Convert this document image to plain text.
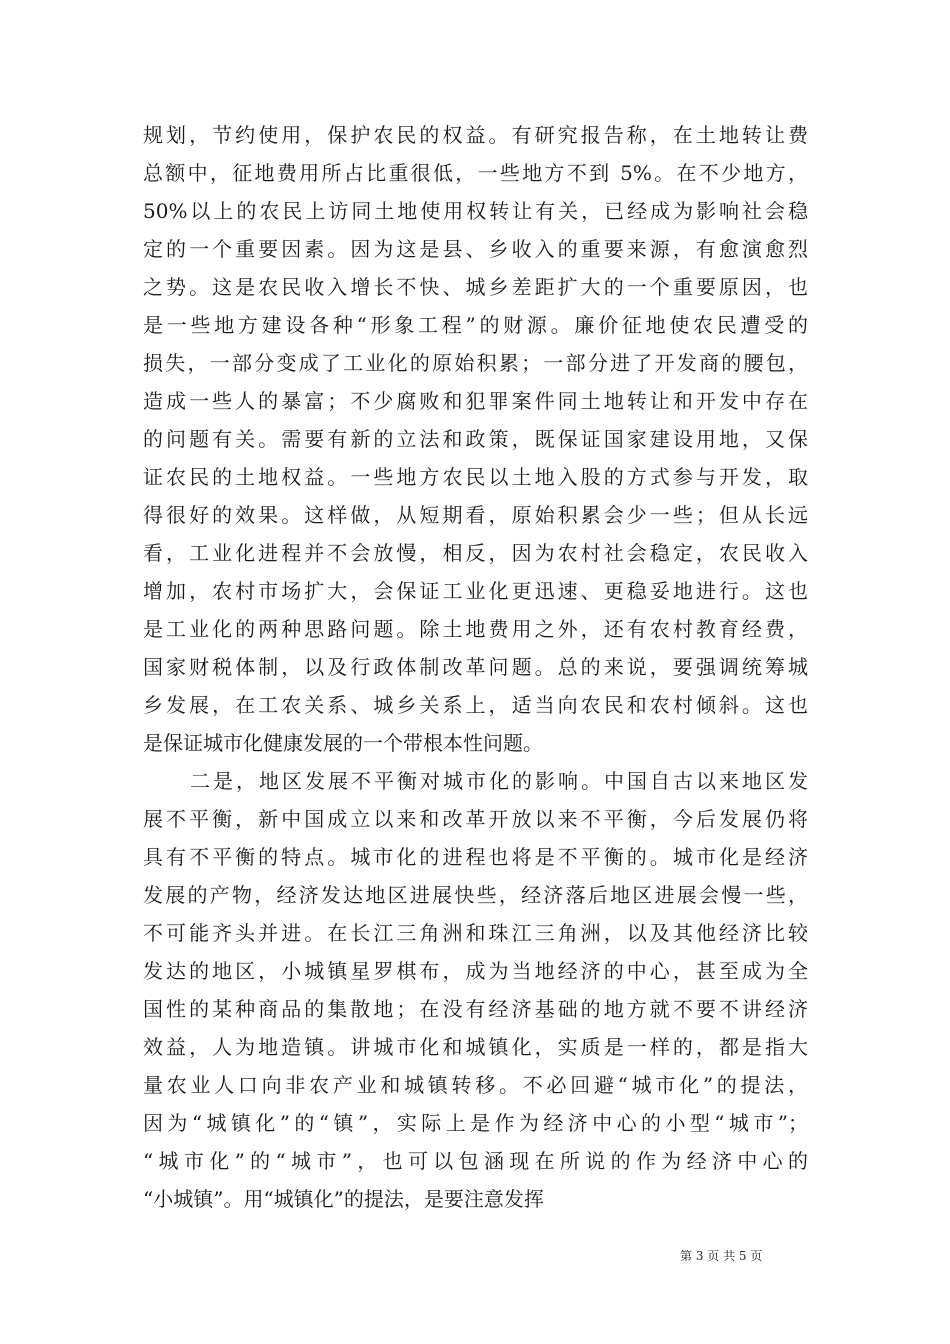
规划，节约使用，保护农民的权益。有研究报告称，在土地转让费
总额中，征地费用所占比重很低，一些地方不到 5%。在不少地方，
50%以上的农民上访同土地使用权转让有关，已经成为影响社会稳
定的一个重要因素。因为这是县、乡收入的重要来源，有愈演愈烈
之势。这是农民收入增长不快、城乡差距扩大的一个重要原因，也
是一些地方建设各种“形象工程”的财源。廉价征地使农民遭受的
损失，一部分变成了工业化的原始积累；一部分进了开发商的腰包，
造成一些人的暴富；不少腐败和犯罪案件同土地转让和开发中存在
的问题有关。需要有新的立法和政策，既保证国家建设用地，又保
证农民的土地权益。一些地方农民以土地入股的方式参与开发，取
得很好的效果。这样做，从短期看，原始积累会少一些；但从长远
看，工业化进程并不会放慢，相反，因为农村社会稳定，农民收入
增加，农村市场扩大，会保证工业化更迅速、更稳妥地进行。这也
是工业化的两种思路问题。除土地费用之外，还有农村教育经费，
国家财税体制，以及行政体制改革问题。总的来说，要强调统筹城
乡发展，在工农关系、城乡关系上，适当向农民和农村倾斜。这也
是保证城市化健康发展的一个带根本性问题。
二是，地区发展不平衡对城市化的影响。中国自古以来地区发
展不平衡，新中国成立以来和改革开放以来不平衡，今后发展仍将
具有不平衡的特点。城市化的进程也将是不平衡的。城市化是经济
发展的产物，经济发达地区进展快些，经济落后地区进展会慢一些，
不可能齐头并进。在长江三角洲和珠江三角洲，以及其他经济比较
发达的地区，小城镇星罗棋布，成为当地经济的中心，甚至成为全
国性的某种商品的集散地；在没有经济基础的地方就不要不讲经济
效益，人为地造镇。讲城市化和城镇化，实质是一样的，都是指大
量农业人口向非农产业和城镇转移。不必回避“城市化”的提法，
因为“城镇化”的“镇”，实际上是作为经济中心的小型“城市”；
“城市化”的“城市”，也可以包涵现在所说的作为经济中心的
“小城镇”。用“城镇化”的提法，是要注意发挥
第 3 页 共 5 页
